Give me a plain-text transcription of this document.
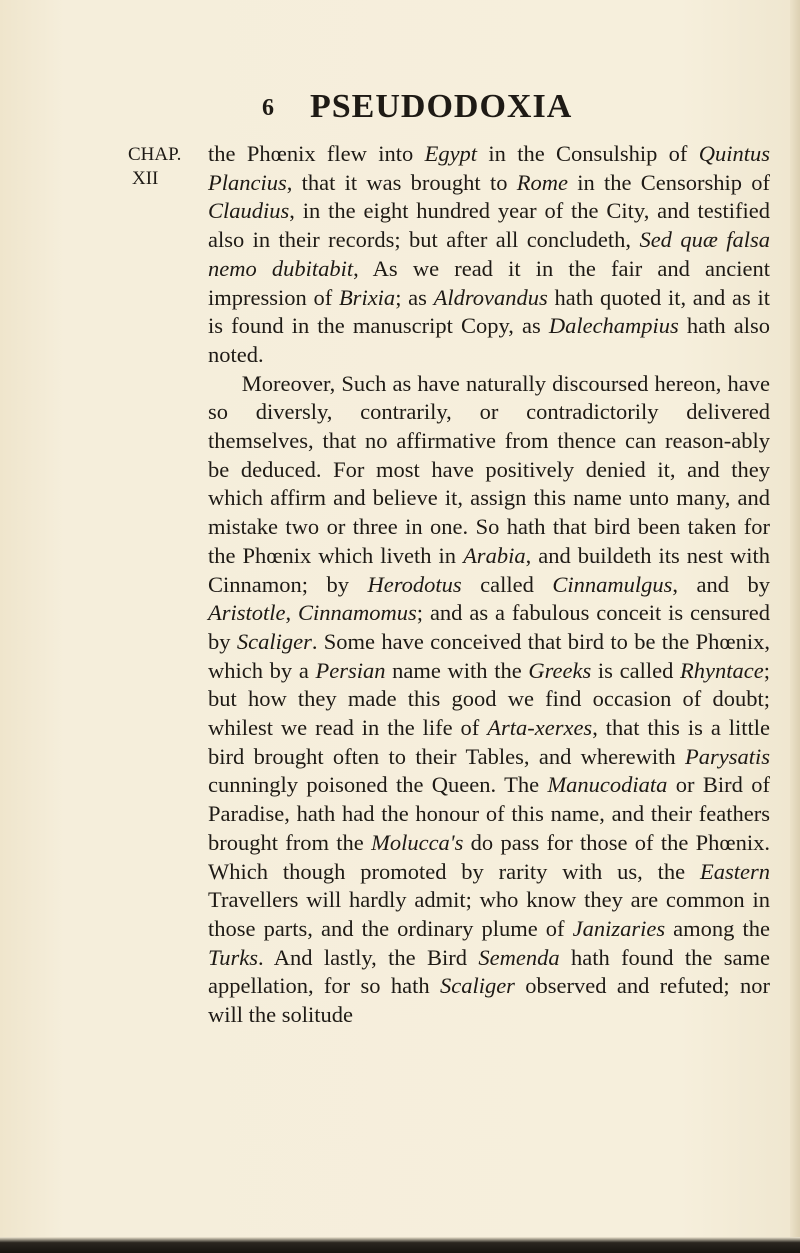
6 PSEUDODOXIA
CHAP.
XII

the Phœnix flew into Egypt in the Consulship of Quintus Plancius, that it was brought to Rome in the Censorship of Claudius, in the eight hundred year of the City, and testified also in their records; but after all concludeth, Sed quæ falsa nemo dubitabit, As we read it in the fair and ancient impression of Brixia; as Aldrovandus hath quoted it, and as it is found in the manuscript Copy, as Dalechampius hath also noted.

Moreover, Such as have naturally discoursed hereon, have so diversly, contrarily, or contradictorily delivered themselves, that no affirmative from thence can reason-ably be deduced. For most have positively denied it, and they which affirm and believe it, assign this name unto many, and mistake two or three in one. So hath that bird been taken for the Phœnix which liveth in Arabia, and buildeth its nest with Cinnamon; by Herodotus called Cinnamulgus, and by Aristotle, Cinnamomus; and as a fabulous conceit is censured by Scaliger. Some have conceived that bird to be the Phœnix, which by a Persian name with the Greeks is called Rhyntace; but how they made this good we find occasion of doubt; whilest we read in the life of Arta-xerxes, that this is a little bird brought often to their Tables, and wherewith Parysatis cunningly poisoned the Queen. The Manucodiata or Bird of Paradise, hath had the honour of this name, and their feathers brought from the Molucca's do pass for those of the Phœnix. Which though promoted by rarity with us, the Eastern Travellers will hardly admit; who know they are common in those parts, and the ordinary plume of Janizaries among the Turks. And lastly, the Bird Semenda hath found the same appellation, for so hath Scaliger observed and refuted; nor will the solitude
